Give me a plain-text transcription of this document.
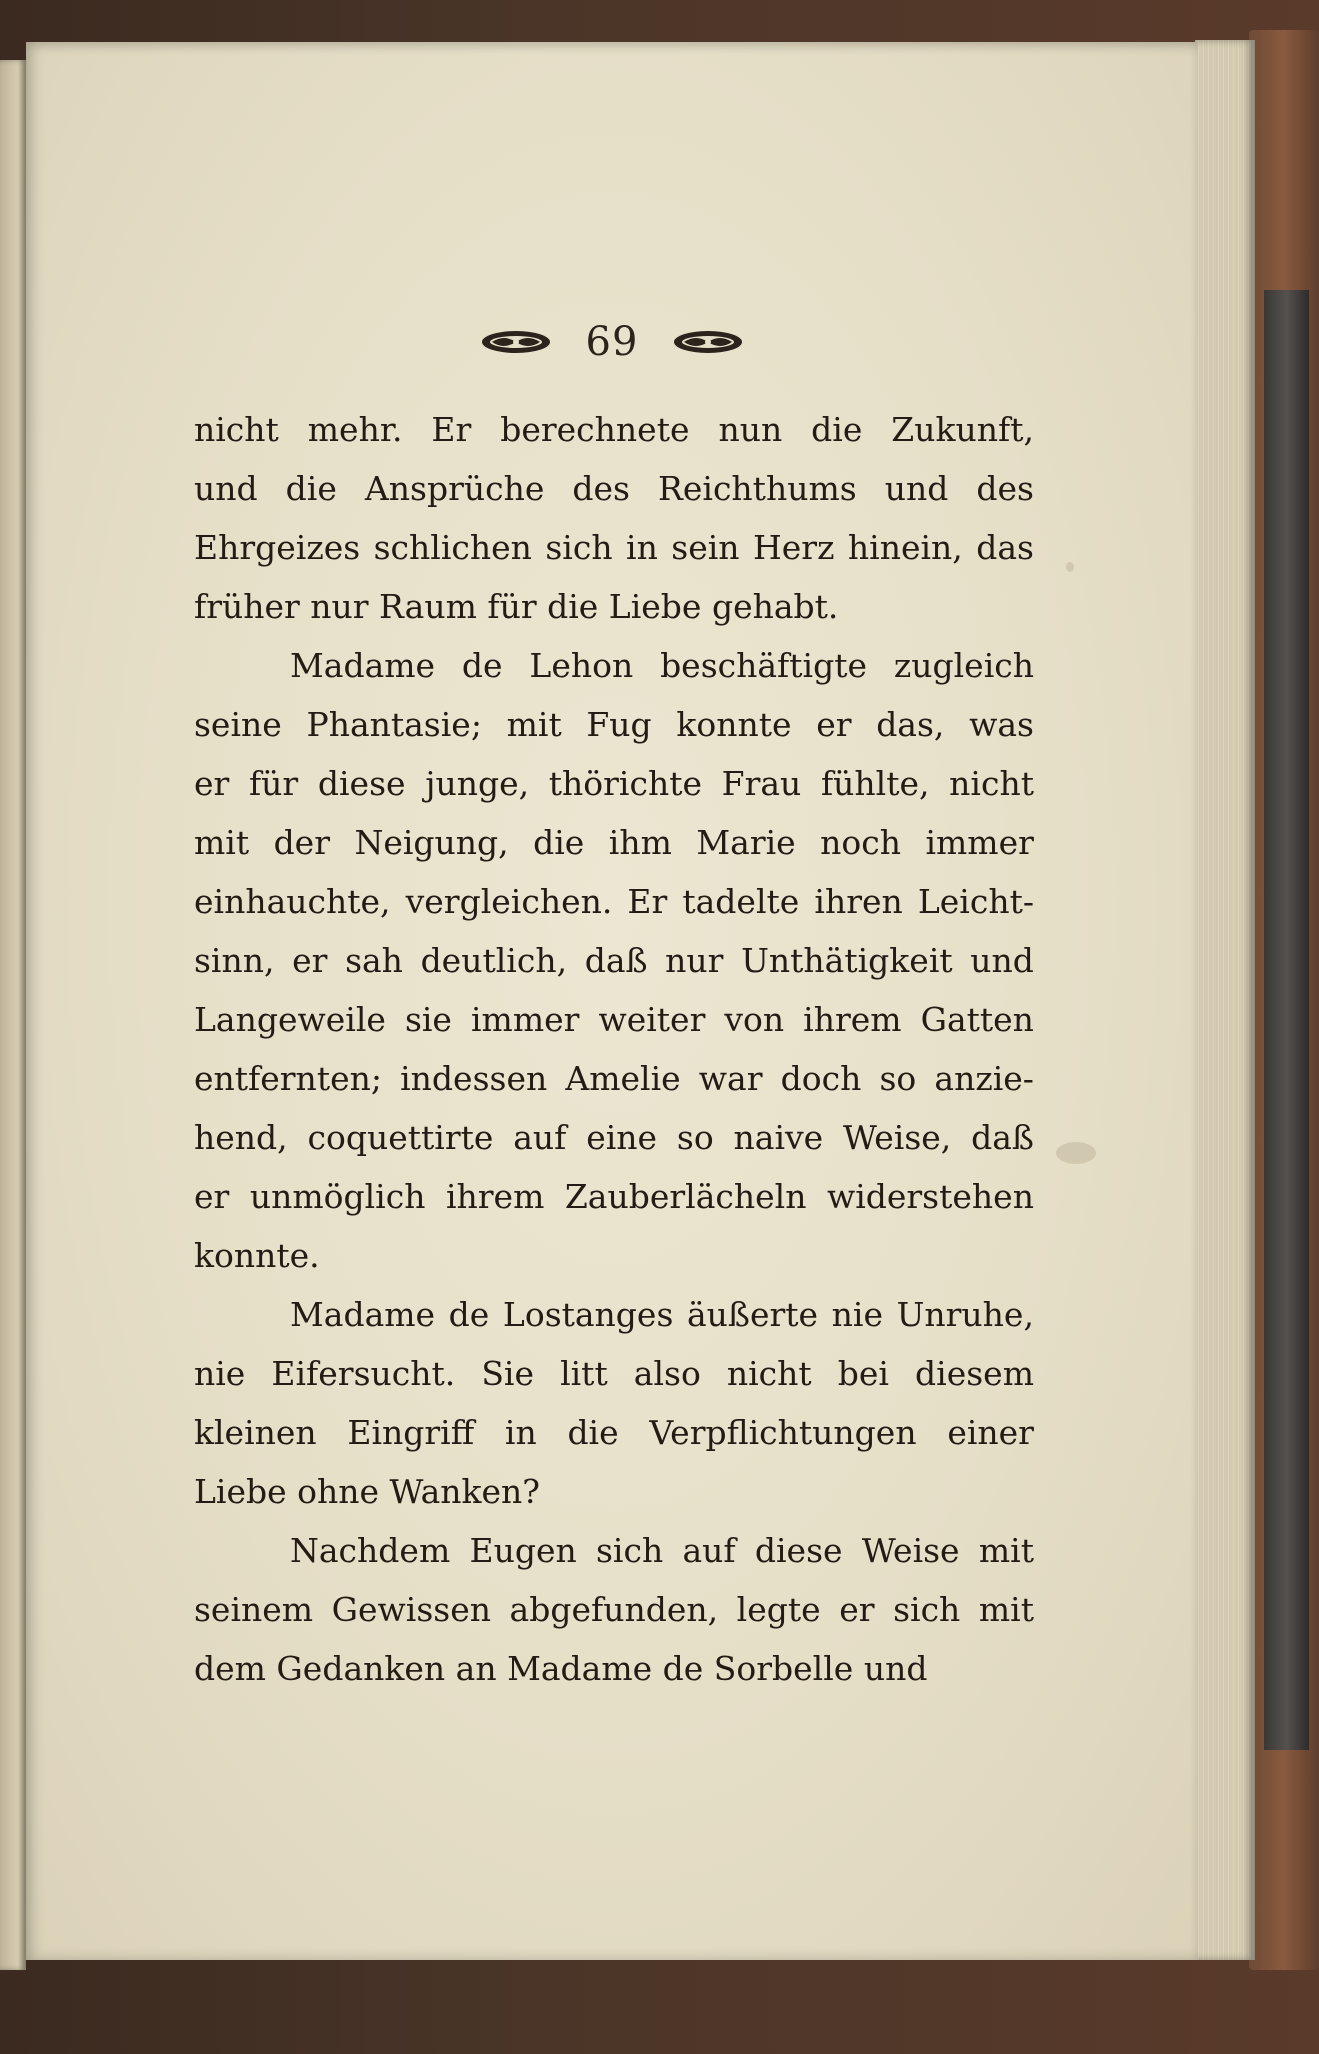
69
nicht mehr. Er berechnete nun die Zukunft,
und die Ansprüche des Reichthums und des
Ehrgeizes schlichen sich in sein Herz hinein, das
früher nur Raum für die Liebe gehabt.
Madame de Lehon beschäftigte zugleich
seine Phantasie; mit Fug konnte er das, was
er für diese junge, thörichte Frau fühlte, nicht
mit der Neigung, die ihm Marie noch immer
einhauchte, vergleichen. Er tadelte ihren Leicht-
sinn, er sah deutlich, daß nur Unthätigkeit und
Langeweile sie immer weiter von ihrem Gatten
entfernten; indessen Amelie war doch so anzie-
hend, coquettirte auf eine so naive Weise, daß
er unmöglich ihrem Zauberlächeln widerstehen
konnte.
Madame de Lostanges äußerte nie Unruhe,
nie Eifersucht. Sie litt also nicht bei diesem
kleinen Eingriff in die Verpflichtungen einer
Liebe ohne Wanken?
Nachdem Eugen sich auf diese Weise mit
seinem Gewissen abgefunden, legte er sich mit
dem Gedanken an Madame de Sorbelle und
